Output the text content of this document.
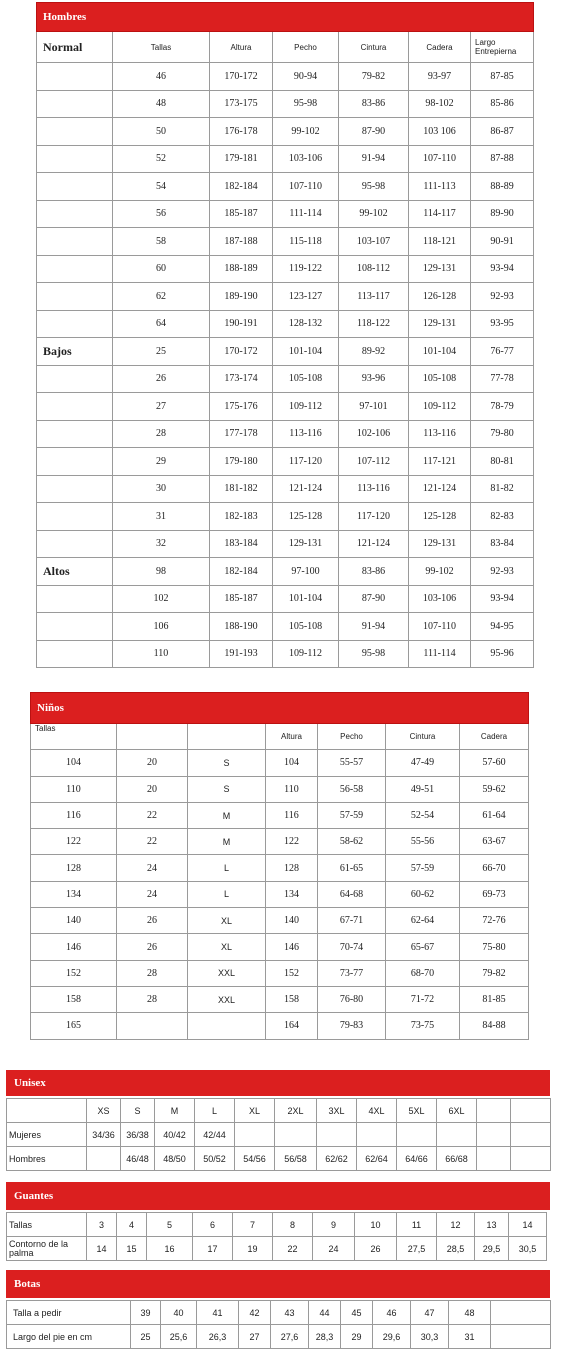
Hombres						
Normal	Tallas	Altura	Pecho	Cintura	Cadera	Largo Entrepierna
	46	170-172	90-94	79-82	93-97	87-85
	48	173-175	95-98	83-86	98-102	85-86
	50	176-178	99-102	87-90	103 106	86-87
	52	179-181	103-106	91-94	107-110	87-88
	54	182-184	107-110	95-98	111-113	88-89
	56	185-187	111-114	99-102	114-117	89-90
	58	187-188	115-118	103-107	118-121	90-91
	60	188-189	119-122	108-112	129-131	93-94
	62	189-190	123-127	113-117	126-128	92-93
	64	190-191	128-132	118-122	129-131	93-95
Bajos	25	170-172	101-104	89-92	101-104	76-77
	26	173-174	105-108	93-96	105-108	77-78
	27	175-176	109-112	97-101	109-112	78-79
	28	177-178	113-116	102-106	113-116	79-80
	29	179-180	117-120	107-112	117-121	80-81
	30	181-182	121-124	113-116	121-124	81-82
	31	182-183	125-128	117-120	125-128	82-83
	32	183-184	129-131	121-124	129-131	83-84
Altos	98	182-184	97-100	83-86	99-102	92-93
	102	185-187	101-104	87-90	103-106	93-94
	106	188-190	105-108	91-94	107-110	94-95
	110	191-193	109-112	95-98	111-114	95-96
Niños						
Tallas			Altura	Pecho	Cintura	Cadera
104	20	S	104	55-57	47-49	57-60
110	20	S	110	56-58	49-51	59-62
116	22	M	116	57-59	52-54	61-64
122	22	M	122	58-62	55-56	63-67
128	24	L	128	61-65	57-59	66-70
134	24	L	134	64-68	60-62	69-73
140	26	XL	140	67-71	62-64	72-76
146	26	XL	146	70-74	65-67	75-80
152	28	XXL	152	73-77	68-70	79-82
158	28	XXL	158	76-80	71-72	81-85
165			164	79-83	73-75	84-88
Unisex
	XS	S	M	L	XL	2XL	3XL	4XL	5XL	6XL		
Mujeres	34/36	36/38	40/42	42/44								
Hombres		46/48	48/50	50/52	54/56	56/58	62/62	62/64	64/66	66/68		
Guantes
Tallas	3	4	5	6	7	8	9	10	11	12	13	14
Contorno de la palma	14	15	16	17	19	22	24	26	27,5	28,5	29,5	30,5
Botas
Talla a pedir	39	40	41	42	43	44	45	46	47	48	
Largo del pie en cm	25	25,6	26,3	27	27,6	28,3	29	29,6	30,3	31	
